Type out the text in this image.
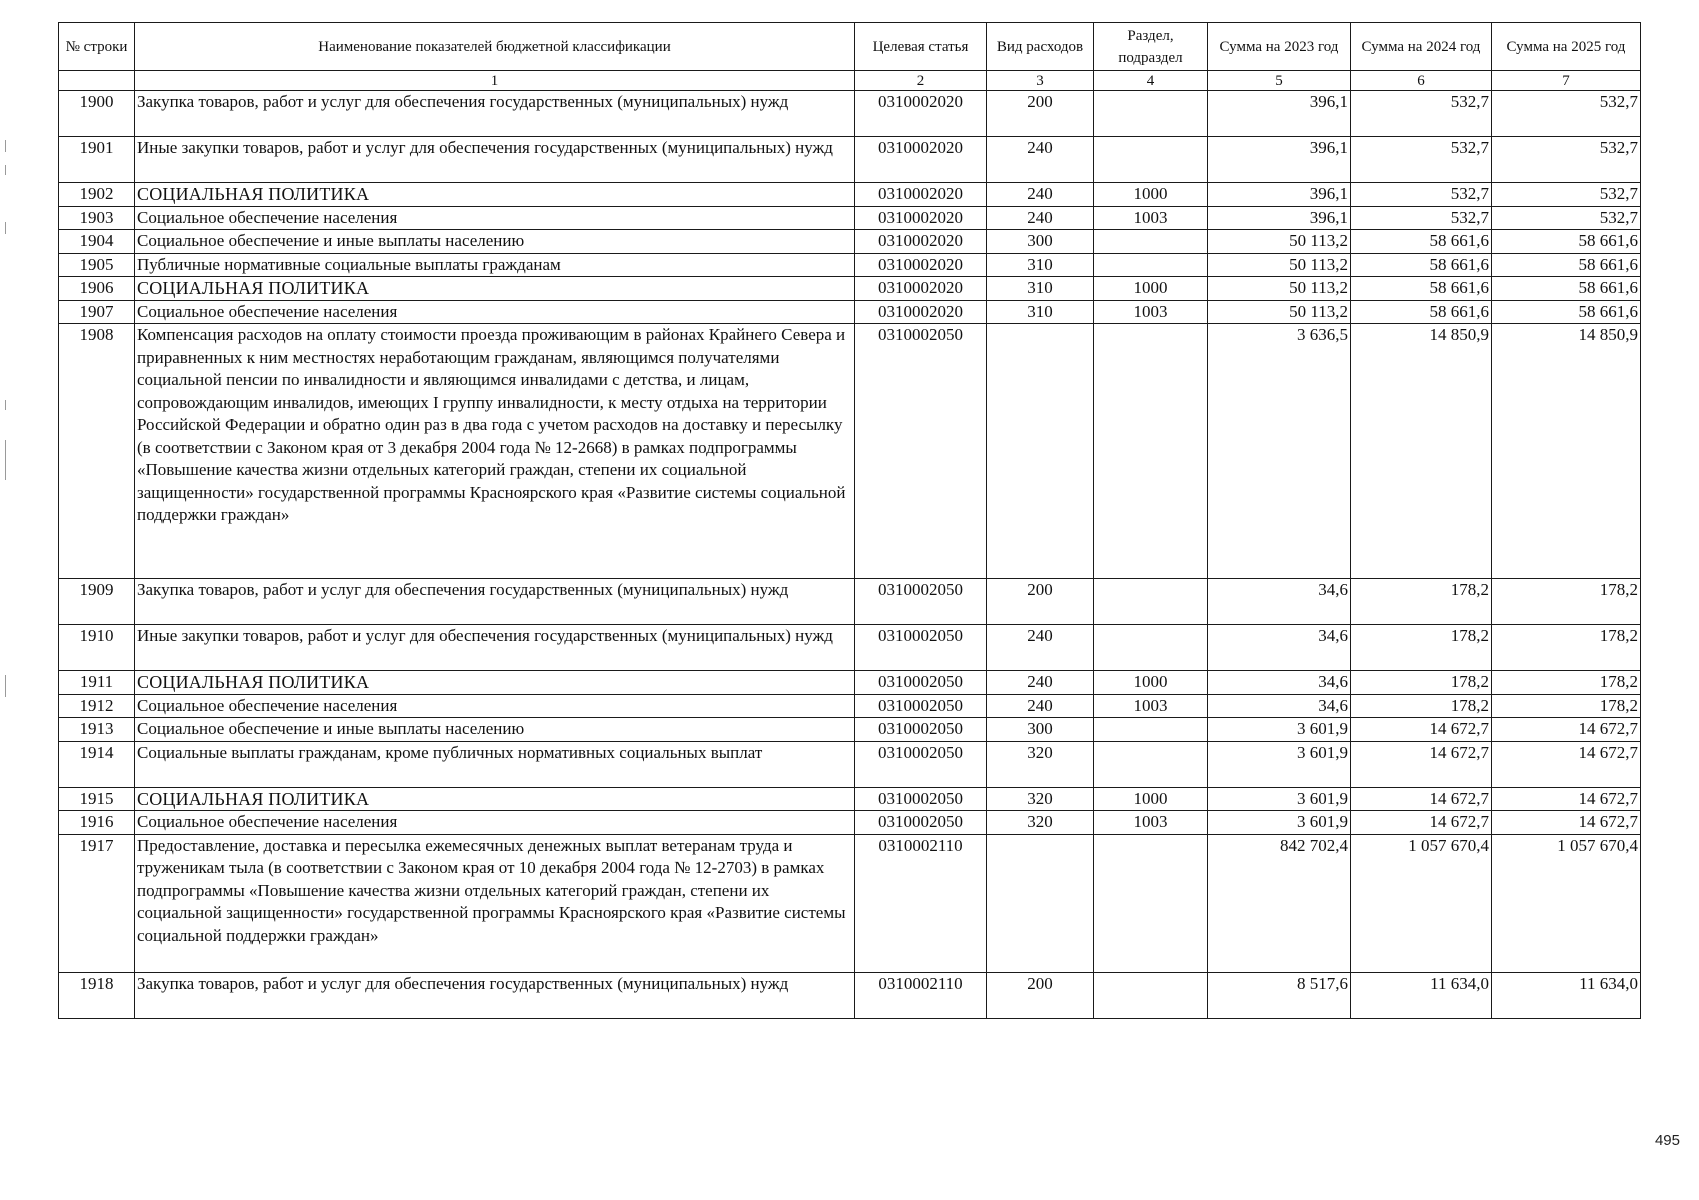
№ строки	Наименование показателей бюджетной классификации	Целевая статья	Вид расходов	Раздел, подраздел	Сумма на 2023 год	Сумма на 2024 год	Сумма на 2025 год
	1	2	3	4	5	6	7
1900	Закупка товаров, работ и услуг для обеспечения государственных (муниципальных) нужд	0310002020	200		396,1	532,7	532,7
1901	Иные закупки товаров, работ и услуг для обеспечения государственных (муниципальных) нужд	0310002020	240		396,1	532,7	532,7
1902	СОЦИАЛЬНАЯ ПОЛИТИКА	0310002020	240	1000	396,1	532,7	532,7
1903	Социальное обеспечение населения	0310002020	240	1003	396,1	532,7	532,7
1904	Социальное обеспечение и иные выплаты населению	0310002020	300		50 113,2	58 661,6	58 661,6
1905	Публичные нормативные социальные выплаты гражданам	0310002020	310		50 113,2	58 661,6	58 661,6
1906	СОЦИАЛЬНАЯ ПОЛИТИКА	0310002020	310	1000	50 113,2	58 661,6	58 661,6
1907	Социальное обеспечение населения	0310002020	310	1003	50 113,2	58 661,6	58 661,6
1908	Компенсация расходов на оплату стоимости проезда проживающим в районах Крайнего Севера и приравненных к ним местностях неработающим гражданам, являющимся получателями социальной пенсии по инвалидности и являющимся инвалидами с детства, и лицам, сопровождающим инвалидов, имеющих I группу инвалидности, к месту отдыха на территории Российской Федерации и обратно один раз в два года с учетом расходов на доставку и пересылку (в соответствии с Законом края от 3 декабря 2004 года № 12-2668) в рамках подпрограммы «Повышение качества жизни отдельных категорий граждан, степени их социальной защищенности» государственной программы Красноярского края «Развитие системы социальной поддержки граждан»	0310002050			3 636,5	14 850,9	14 850,9
1909	Закупка товаров, работ и услуг для обеспечения государственных (муниципальных) нужд	0310002050	200		34,6	178,2	178,2
1910	Иные закупки товаров, работ и услуг для обеспечения государственных (муниципальных) нужд	0310002050	240		34,6	178,2	178,2
1911	СОЦИАЛЬНАЯ ПОЛИТИКА	0310002050	240	1000	34,6	178,2	178,2
1912	Социальное обеспечение населения	0310002050	240	1003	34,6	178,2	178,2
1913	Социальное обеспечение и иные выплаты населению	0310002050	300		3 601,9	14 672,7	14 672,7
1914	Социальные выплаты гражданам, кроме публичных нормативных социальных выплат	0310002050	320		3 601,9	14 672,7	14 672,7
1915	СОЦИАЛЬНАЯ ПОЛИТИКА	0310002050	320	1000	3 601,9	14 672,7	14 672,7
1916	Социальное обеспечение населения	0310002050	320	1003	3 601,9	14 672,7	14 672,7
1917	Предоставление, доставка и пересылка ежемесячных денежных выплат ветеранам труда и труженикам тыла (в соответствии с Законом края от 10 декабря 2004 года № 12-2703) в рамках подпрограммы «Повышение качества жизни отдельных категорий граждан, степени их социальной защищенности» государственной программы Красноярского края «Развитие системы социальной поддержки граждан»	0310002110			842 702,4	1 057 670,4	1 057 670,4
1918	Закупка товаров, работ и услуг для обеспечения государственных (муниципальных) нужд	0310002110	200		8 517,6	11 634,0	11 634,0
495
